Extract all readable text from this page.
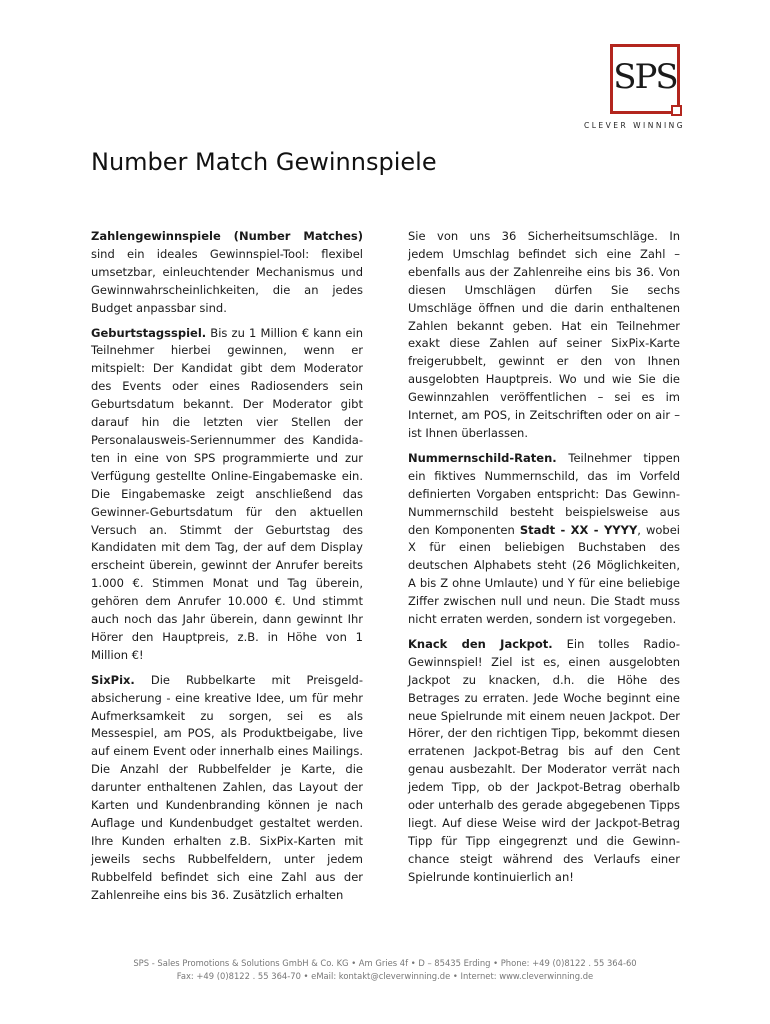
SPS
CLEVER WINNING
Number Match Gewinnspiele

Zahlengewinnspiele (Number Matches) sind ein ideales Gewinnspiel-Tool: flexibel umsetzbar, einleuchtender Mechanismus und Gewinnwahrscheinlichkeiten, die an jedes Budget anpassbar sind.

Geburtstagsspiel. Bis zu 1 Million € kann ein Teilnehmer hierbei gewinnen, wenn er mitspielt: Der Kandidat gibt dem Moderator des Events oder eines Radiosenders sein Geburtsdatum bekannt. Der Moderator gibt darauf hin die letzten vier Stellen der Personalausweis-Seriennummer des Kandidaten in eine von SPS programmierte und zur Verfügung gestellte Online-Eingabemaske ein. Die Eingabemaske zeigt anschließend das Gewinner-Geburtsdatum für den aktuellen Versuch an. Stimmt der Geburtstag des Kandidaten mit dem Tag, der auf dem Display erscheint überein, gewinnt der Anrufer bereits 1.000 €. Stimmen Monat und Tag überein, gehören dem Anrufer 10.000 €. Und stimmt auch noch das Jahr überein, dann gewinnt Ihr Hörer den Hauptpreis, z.B. in Höhe von 1 Million €!

SixPix. Die Rubbelkarte mit Preisgeldabsicherung - eine kreative Idee, um für mehr Aufmerksamkeit zu sorgen, sei es als Messespiel, am POS, als Produktbeigabe, live auf einem Event oder innerhalb eines Mailings. Die Anzahl der Rubbelfelder je Karte, die darunter enthaltenen Zahlen, das Layout der Karten und Kundenbranding können je nach Auflage und Kundenbudget gestaltet werden. Ihre Kunden erhalten z.B. SixPix-Karten mit jeweils sechs Rubbelfeldern, unter jedem Rubbelfeld befindet sich eine Zahl aus der Zahlenreihe eins bis 36. Zusätzlich erhalten

Sie von uns 36 Sicherheitsumschläge. In jedem Umschlag befindet sich eine Zahl – ebenfalls aus der Zahlenreihe eins bis 36. Von diesen Umschlägen dürfen Sie sechs Umschläge öffnen und die darin enthaltenen Zahlen bekannt geben. Hat ein Teilnehmer exakt diese Zahlen auf seiner SixPix-Karte freigerubbelt, gewinnt er den von Ihnen ausgelobten Hauptpreis. Wo und wie Sie die Gewinnzahlen veröffentlichen – sei es im Internet, am POS, in Zeitschriften oder on air – ist Ihnen überlassen.

Nummernschild-Raten. Teilnehmer tippen ein fiktives Nummernschild, das im Vorfeld definierten Vorgaben entspricht: Das Gewinn-Nummernschild besteht beispielsweise aus den Komponenten Stadt - XX - YYYY, wobei X für einen beliebigen Buchstaben des deutschen Alphabets steht (26 Möglichkeiten, A bis Z ohne Umlaute) und Y für eine beliebige Ziffer zwischen null und neun. Die Stadt muss nicht erraten werden, sondern ist vorgegeben.

Knack den Jackpot. Ein tolles Radio-Gewinnspiel! Ziel ist es, einen ausgelobten Jackpot zu knacken, d.h. die Höhe des Betrages zu erraten. Jede Woche beginnt eine neue Spielrunde mit einem neuen Jackpot. Der Hörer, der den richtigen Tipp, bekommt diesen erratenen Jackpot-Betrag bis auf den Cent genau ausbezahlt. Der Moderator verrät nach jedem Tipp, ob der Jackpot-Betrag oberhalb oder unterhalb des gerade abgegebenen Tipps liegt. Auf diese Weise wird der Jackpot-Betrag Tipp für Tipp eingegrenzt und die Gewinnchance steigt während des Verlaufs einer Spielrunde kontinuierlich an!

SPS - Sales Promotions & Solutions GmbH & Co. KG • Am Gries 4f • D – 85435 Erding • Phone: +49 (0)8122 . 55 364-60
Fax: +49 (0)8122 . 55 364-70 • eMail: kontakt@cleverwinning.de • Internet: www.cleverwinning.de
